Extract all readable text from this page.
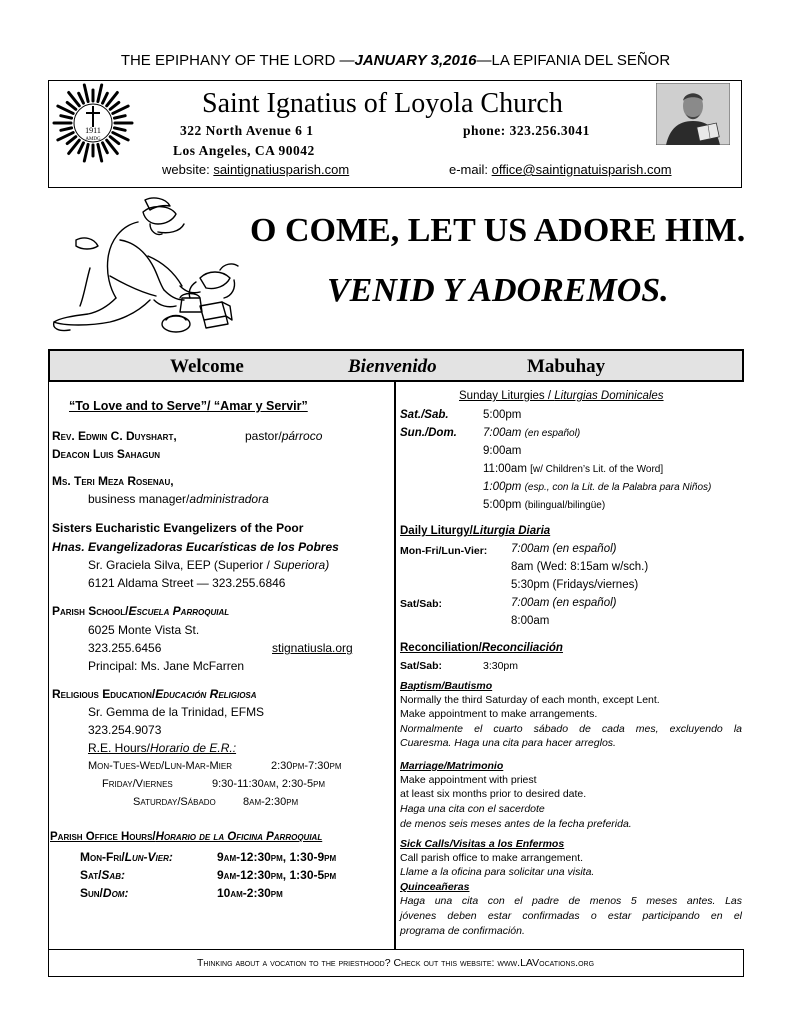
THE EPIPHANY OF THE LORD —JANUARY 3,2016—LA EPIFANIA DEL SEÑOR
1911
AMDG
Saint Ignatius of Loyola Church
322 North Avenue 6 1	phone: 323.256.3041
Los Angeles, CA 90042
website: saintignatiusparish.com	e-mail: office@saintignatuisparish.com
O COME, LET US ADORE HIM.
VENID Y ADOREMOS.
Welcome	Bienvenido	Mabuhay
“To Love and to Serve”/ “Amar y Servir”
Rev. Edwin C. Duyshart,	pastor/párroco
Deacon Luis Sahagun
Ms. Teri Meza Rosenau,
business manager/administradora
Sisters Eucharistic Evangelizers of the Poor
Hnas. Evangelizadoras Eucarísticas de los Pobres
Sr. Graciela Silva, EEP (Superior / Superiora)
6121 Aldama Street — 323.255.6846
Parish School/Escuela Parroquial
6025 Monte Vista St.
323.255.6456	stignatiusla.org
Principal: Ms. Jane McFarren
Religious Education/Educación Religiosa
Sr. Gemma de la Trinidad, EFMS
323.254.9073
R.E. Hours/Horario de E.R.:
Mon-Tues-Wed/Lun-Mar-Mier	2:30pm-7:30pm
Friday/Viernes	9:30-11:30am, 2:30-5pm
Saturday/Sábado 8am-2:30pm
Parish Office Hours/Horario de la Oficina Parroquial
Mon-Fri/Lun-Vier:	9am-12:30pm, 1:30-9pm
Sat/Sab:	9am-12:30pm, 1:30-5pm
Sun/Dom:	10am-2:30pm
Sunday Liturgies / Liturgias Dominicales
Sat./Sab.	5:00pm
Sun./Dom. 7:00am (en español)
9:00am
11:00am [w/ Children’s Lit. of the Word]
1:00pm (esp., con la Lit. de la Palabra para Niños)
5:00pm (bilingual/bilingüe)
Daily Liturgy/Liturgia Diaria
Mon-Fri/Lun-Vier: 7:00am (en español)
8am (Wed: 8:15am w/sch.)
5:30pm (Fridays/viernes)
Sat/Sab:	7:00am (en español)
8:00am
Reconciliation/Reconciliación
Sat/Sab:	3:30pm
Baptism/Bautismo
Normally the third Saturday of each month, except Lent.
Make appointment to make arrangements.
Normalmente el cuarto sábado de cada mes, excluyendo la
Cuaresma. Haga una cita para hacer arreglos.
Marriage/Matrimonio
Make appointment with priest
at least six months prior to desired date.
Haga una cita con el sacerdote
de menos seis meses antes de la fecha preferida.
Sick Calls/Visitas a los Enfermos
Call parish office to make arrangement.
Llame a la oficina para solicitar una visita.
Quinceañeras
Haga una cita con el padre de menos 5 meses antes. Las
jóvenes deben estar confirmadas o estar participando en el
programa de confirmación.
Thinking about a vocation to the priesthood? Check out this website: www.LAVocations.org
